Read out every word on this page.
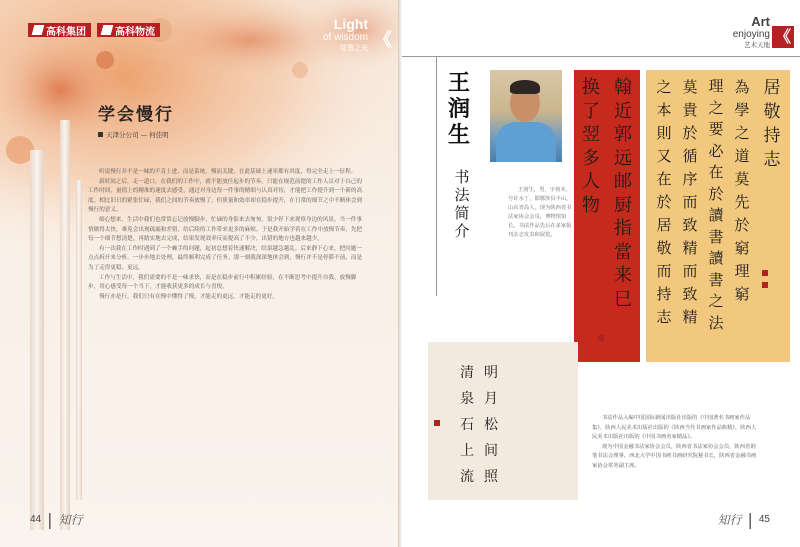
高科集团	高科物流	Light
of wisdom
智慧之光 《
学会慢行
天津分公司 — 何佳明

听说慢行并不是一味的不肯上进，而是系统、慢而关键，在此基础上速率都有其度，得完全走上一征程。

新时间之后，走一道口，在我们的工作中，就不能放任起步的节奏，只能在规范前提的工作人员对于自己的工作时间，量值上的精准的速度去感受，通过对身边每一件事的精细与认真对待，才能把工作提升到一个新的高度。相比旧日的紧张忙碌，我们之间的节奏放慢了，但质量和效率却在稳步提升，在日常的细节之中不断体会到慢行的意义。

细心想来，生活中我们也常常忘记放慢脚步，忙碌的身影来去匆匆，很少停下来观察身边的风景。当一件事情做得太快，难免会出现疏漏和差错，给后续的工作带来更多的麻烦。于是我开始学着在工作中放慢节奏，先把每一个细节想清楚，再踏实地去完成，结果发现效率反而提高了不少，出错的地方也越来越少。

有一次我在工作时遇到了一个棘手的问题，起初总想着快速解决，结果越急越乱。后来静下心来，把问题一点点拆开来分析，一步步地去处理，最终顺利完成了任务。那一刻我深深地体会到，慢行并不是停滞不前，而是为了走得更稳、更远。

工作与生活中，我们需要的不是一味求快，而是在稳步前行中积累经验，在不断思考中提升自我。放慢脚步，用心感受每一个当下，才能收获更多的成长与喜悦。

慢行亦是行，我们只有在慢中懂得了慢，才能走的更远，才能走的更好。

44 | 知行
Art
enjoying
艺术天地 《
王润生
书法简介
王润生，男，字荷本，号许水丁，邯郸涉县平山，山东青岛人，现为陕西省书法家协会会员，博物馆馆长。书法作品先后在多家报刊杂志发表和展览。
翰近郭远邮厨指當来巳
换了翌多人物
居敬持志
為學之道莫先於窮理窮
理之要必在於讀書讀書之法
莫貴於循序而致精而致精
之本則又在於居敬而持志
明月松间照
清泉石上流

书法作品入编中国国际新闻出版社出版的《中国著名书画家作品集》，陕西人民美术出版社出版的《陕西当代书画家作品典精》，陕西人民美术出版社出版的《中国书画名家精品》。

现为中国金融书法家协会会员，陕西省书法家协会会员，陕西省钢笔书法会理事，西北大学中国书画书画研究院秘书长，陕西省金融书画家协会常务副主席。

知行 | 45
